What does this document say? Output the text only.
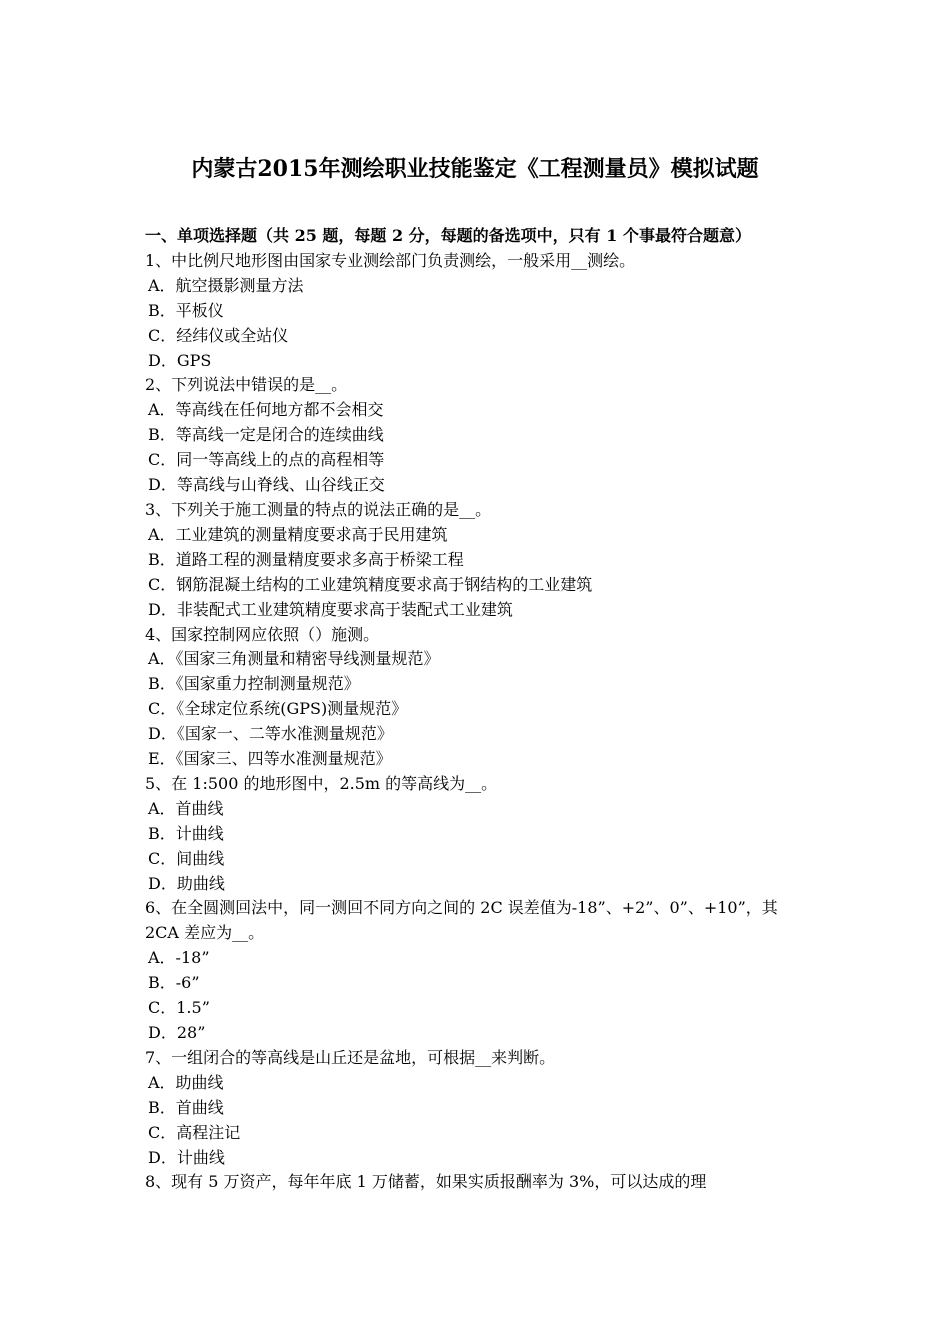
内蒙古2015年测绘职业技能鉴定《工程测量员》模拟试题

一、单项选择题（共 25 题，每题 2 分，每题的备选项中，只有 1 个事最符合题意）

1、中比例尺地形图由国家专业测绘部门负责测绘，一般采用__测绘。

A．航空摄影测量方法

B．平板仪

C．经纬仪或全站仪

D．GPS

2、下列说法中错误的是__。

A．等高线在任何地方都不会相交

B．等高线一定是闭合的连续曲线

C．同一等高线上的点的高程相等

D．等高线与山脊线、山谷线正交

3、下列关于施工测量的特点的说法正确的是__。

A．工业建筑的测量精度要求高于民用建筑

B．道路工程的测量精度要求多高于桥梁工程

C．钢筋混凝土结构的工业建筑精度要求高于钢结构的工业建筑

D．非装配式工业建筑精度要求高于装配式工业建筑

4、国家控制网应依照（）施测。

A．《国家三角测量和精密导线测量规范》

B．《国家重力控制测量规范》

C．《全球定位系统(GPS)测量规范》

D．《国家一、二等水准测量规范》

E．《国家三、四等水准测量规范》

5、在 1:500 的地形图中，2.5m 的等高线为__。

A．首曲线

B．计曲线

C．间曲线

D．助曲线

6、在全圆测回法中，同一测回不同方向之间的 2C 误差值为-18”、+2”、0”、+10”，其 2CA 差应为__。

A．-18”

B．-6”

C．1.5”

D．28”

7、一组闭合的等高线是山丘还是盆地，可根据__来判断。

A．助曲线

B．首曲线

C．高程注记

D．计曲线

8、现有 5 万资产，每年年底 1 万储蓄，如果实质报酬率为 3%，可以达成的理
